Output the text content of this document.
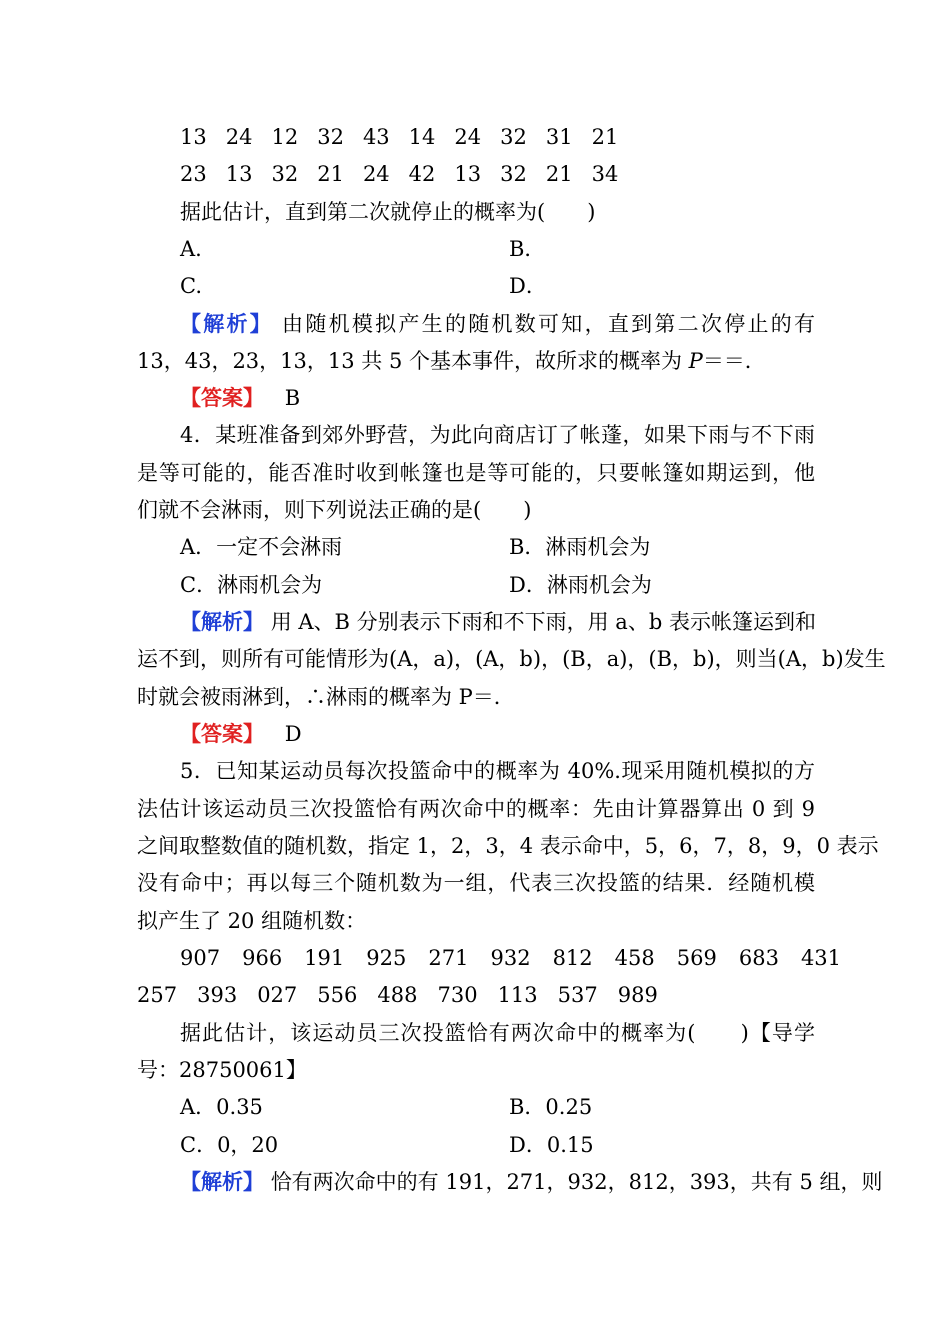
13 24 12 32 43 14 24 32 31 21
23 13 32 21 24 42 13 32 21 34
据此估计，直到第二次就停止的概率为(　　)
A.	B．
C.	D．
【解析】 由随机模拟产生的随机数可知，直到第二次停止的有
13，43，23，13，13 共 5 个基本事件，故所求的概率为 P＝＝．
【答案】 B
4．某班准备到郊外野营，为此向商店订了帐蓬，如果下雨与不下雨
是等可能的，能否准时收到帐篷也是等可能的，只要帐篷如期运到，他
们就不会淋雨，则下列说法正确的是(　　)
A．一定不会淋雨	B．淋雨机会为
C．淋雨机会为	D．淋雨机会为
【解析】 用 A、B 分别表示下雨和不下雨，用 a、b 表示帐篷运到和
运不到，则所有可能情形为(A，a)，(A，b)，(B，a)，(B，b)，则当(A，b)发生
时就会被雨淋到，∴淋雨的概率为 P＝．
【答案】 D
5．已知某运动员每次投篮命中的概率为 40%.现采用随机模拟的方
法估计该运动员三次投篮恰有两次命中的概率：先由计算器算出 0 到 9
之间取整数值的随机数，指定 1，2，3，4 表示命中，5，6，7，8，9，0 表示
没有命中；再以每三个随机数为一组，代表三次投篮的结果．经随机模
拟产生了 20 组随机数：
907 966 191 925 271 932 812 458 569 683 431
257 393 027 556 488 730 113 537 989
据此估计，该运动员三次投篮恰有两次命中的概率为(　　)【导学
号：28750061】
A．0.35	B．0.25
C．0，20	D．0.15
【解析】 恰有两次命中的有 191，271，932，812，393，共有 5 组，则
